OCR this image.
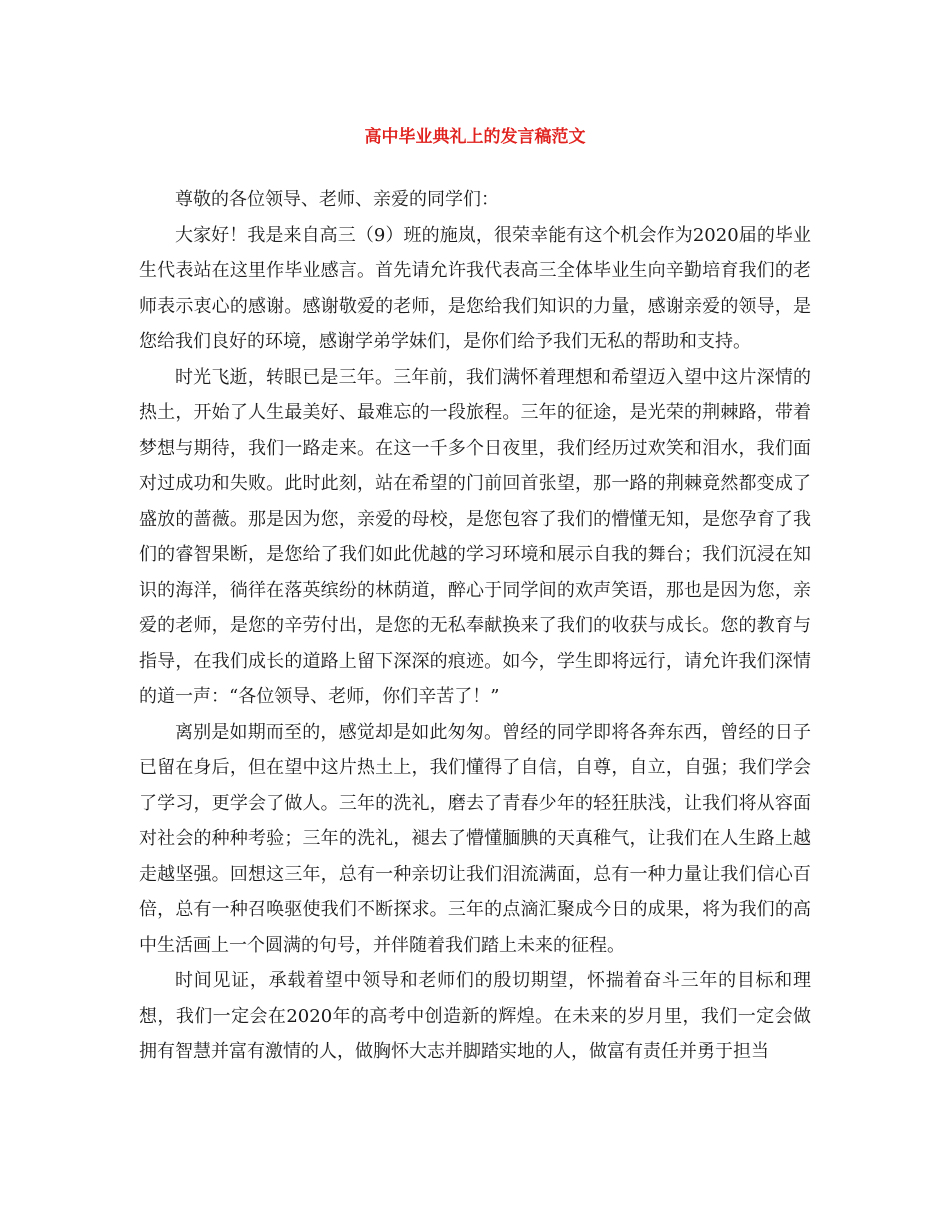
高中毕业典礼上的发言稿范文

尊敬的各位领导、老师、亲爱的同学们：

大家好！我是来自高三（9）班的施岚，很荣幸能有这个机会作为2020届的毕业生代表站在这里作毕业感言。首先请允许我代表高三全体毕业生向辛勤培育我们的老师表示衷心的感谢。感谢敬爱的老师，是您给我们知识的力量，感谢亲爱的领导，是您给我们良好的环境，感谢学弟学妹们，是你们给予我们无私的帮助和支持。

时光飞逝，转眼已是三年。三年前，我们满怀着理想和希望迈入望中这片深情的热土，开始了人生最美好、最难忘的一段旅程。三年的征途，是光荣的荆棘路，带着梦想与期待，我们一路走来。在这一千多个日夜里，我们经历过欢笑和泪水，我们面对过成功和失败。此时此刻，站在希望的门前回首张望，那一路的荆棘竟然都变成了盛放的蔷薇。那是因为您，亲爱的母校，是您包容了我们的懵懂无知，是您孕育了我们的睿智果断，是您给了我们如此优越的学习环境和展示自我的舞台；我们沉浸在知识的海洋，徜徉在落英缤纷的林荫道，醉心于同学间的欢声笑语，那也是因为您，亲爱的老师，是您的辛劳付出，是您的无私奉献换来了我们的收获与成长。您的教育与指导，在我们成长的道路上留下深深的痕迹。如今，学生即将远行，请允许我们深情的道一声：“各位领导、老师，你们辛苦了！”

离别是如期而至的，感觉却是如此匆匆。曾经的同学即将各奔东西，曾经的日子已留在身后，但在望中这片热土上，我们懂得了自信，自尊，自立，自强；我们学会了学习，更学会了做人。三年的洗礼，磨去了青春少年的轻狂肤浅，让我们将从容面对社会的种种考验；三年的洗礼，褪去了懵懂腼腆的天真稚气，让我们在人生路上越走越坚强。回想这三年，总有一种亲切让我们泪流满面，总有一种力量让我们信心百倍，总有一种召唤驱使我们不断探求。三年的点滴汇聚成今日的成果，将为我们的高中生活画上一个圆满的句号，并伴随着我们踏上未来的征程。

时间见证，承载着望中领导和老师们的殷切期望，怀揣着奋斗三年的目标和理想，我们一定会在2020年的高考中创造新的辉煌。在未来的岁月里，我们一定会做拥有智慧并富有激情的人，做胸怀大志并脚踏实地的人，做富有责任并勇于担当
